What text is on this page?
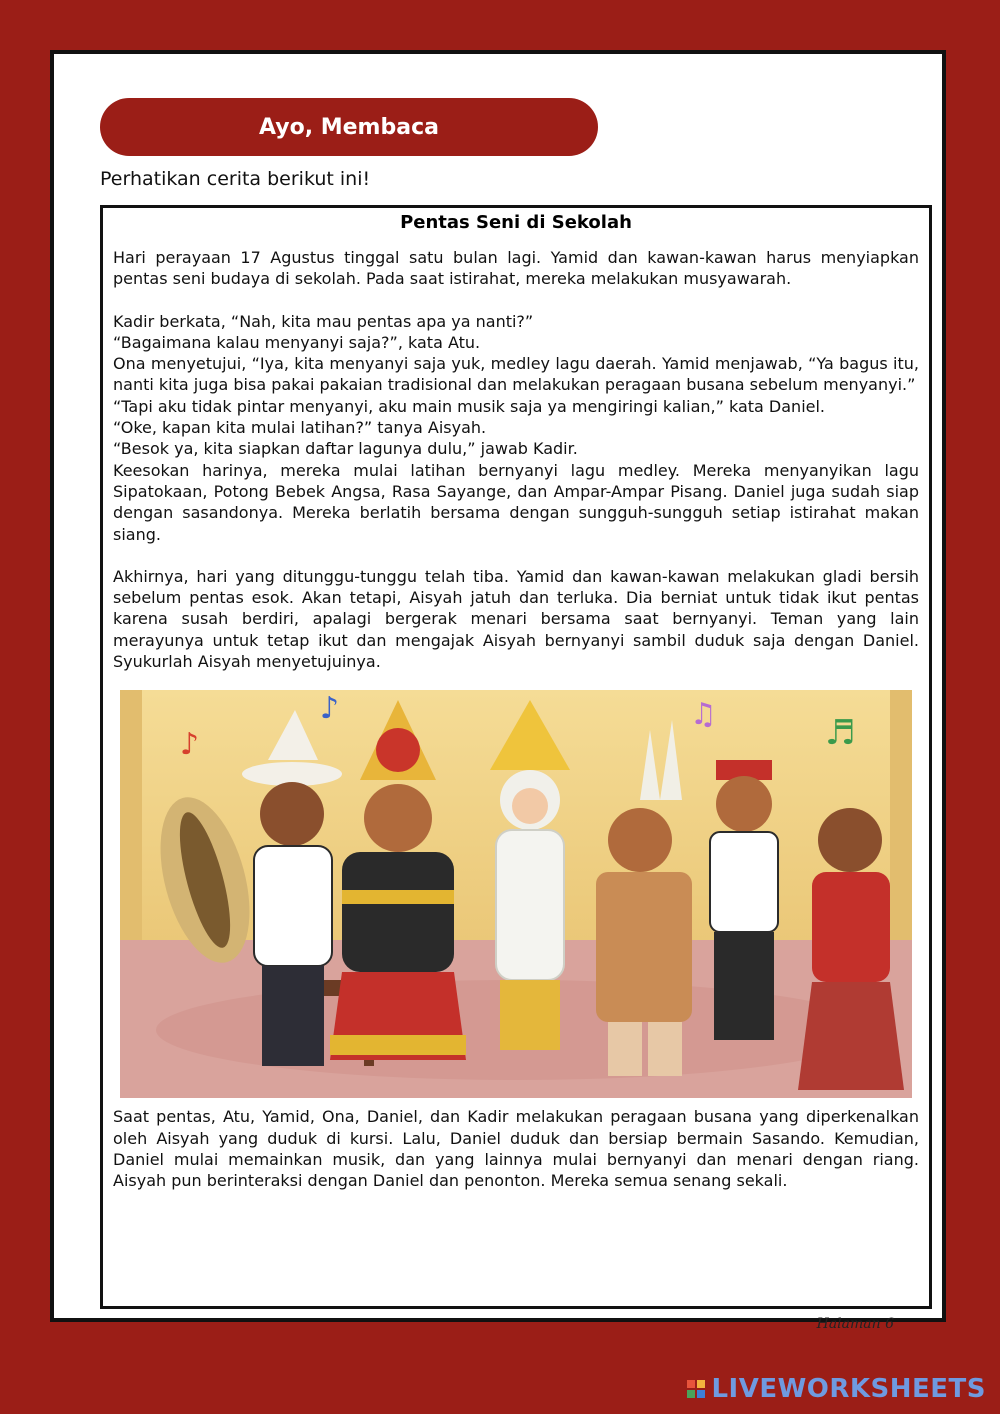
Ayo, Membaca
Perhatikan cerita berikut ini!
Pentas Seni di Sekolah

Hari perayaan 17 Agustus tinggal satu bulan lagi. Yamid dan kawan-kawan harus menyiapkan pentas seni budaya di sekolah. Pada saat istirahat, mereka melakukan musyawarah.

Kadir berkata, “Nah, kita mau pentas apa ya nanti?”

“Bagaimana kalau menyanyi saja?”, kata Atu.

Ona menyetujui, “Iya, kita menyanyi saja yuk, medley lagu daerah. Yamid menjawab, “Ya bagus itu, nanti kita juga bisa pakai pakaian tradisional dan melakukan peragaan busana sebelum menyanyi.”

“Tapi aku tidak pintar menyanyi, aku main musik saja ya mengiringi kalian,” kata Daniel.

“Oke, kapan kita mulai latihan?” tanya Aisyah.

“Besok ya, kita siapkan daftar lagunya dulu,” jawab Kadir.

Keesokan harinya, mereka mulai latihan bernyanyi lagu medley. Mereka menyanyikan lagu Sipatokaan, Potong Bebek Angsa, Rasa Sayange, dan Ampar-Ampar Pisang. Daniel juga sudah siap dengan sasandonya. Mereka berlatih bersama dengan sungguh-sungguh setiap istirahat makan siang.

Akhirnya, hari yang ditunggu-tunggu telah tiba. Yamid dan kawan-kawan melakukan gladi bersih sebelum pentas esok. Akan tetapi, Aisyah jatuh dan terluka. Dia berniat untuk tidak ikut pentas karena susah berdiri, apalagi bergerak menari bersama saat bernyanyi. Teman yang lain merayunya untuk tetap ikut dan mengajak Aisyah bernyanyi sambil duduk saja dengan Daniel. Syukurlah Aisyah menyetujuinya.

♪
♪	♫	♬

Saat pentas, Atu, Yamid, Ona, Daniel, dan Kadir melakukan peragaan busana yang diperkenalkan oleh Aisyah yang duduk di kursi. Lalu, Daniel duduk dan bersiap bermain Sasando. Kemudian, Daniel mulai memainkan musik, dan yang lainnya mulai bernyanyi dan menari dengan riang. Aisyah pun berinteraksi dengan Daniel dan penonton. Mereka semua senang sekali.

Halaman 6
LIVEWORKSHEETS
